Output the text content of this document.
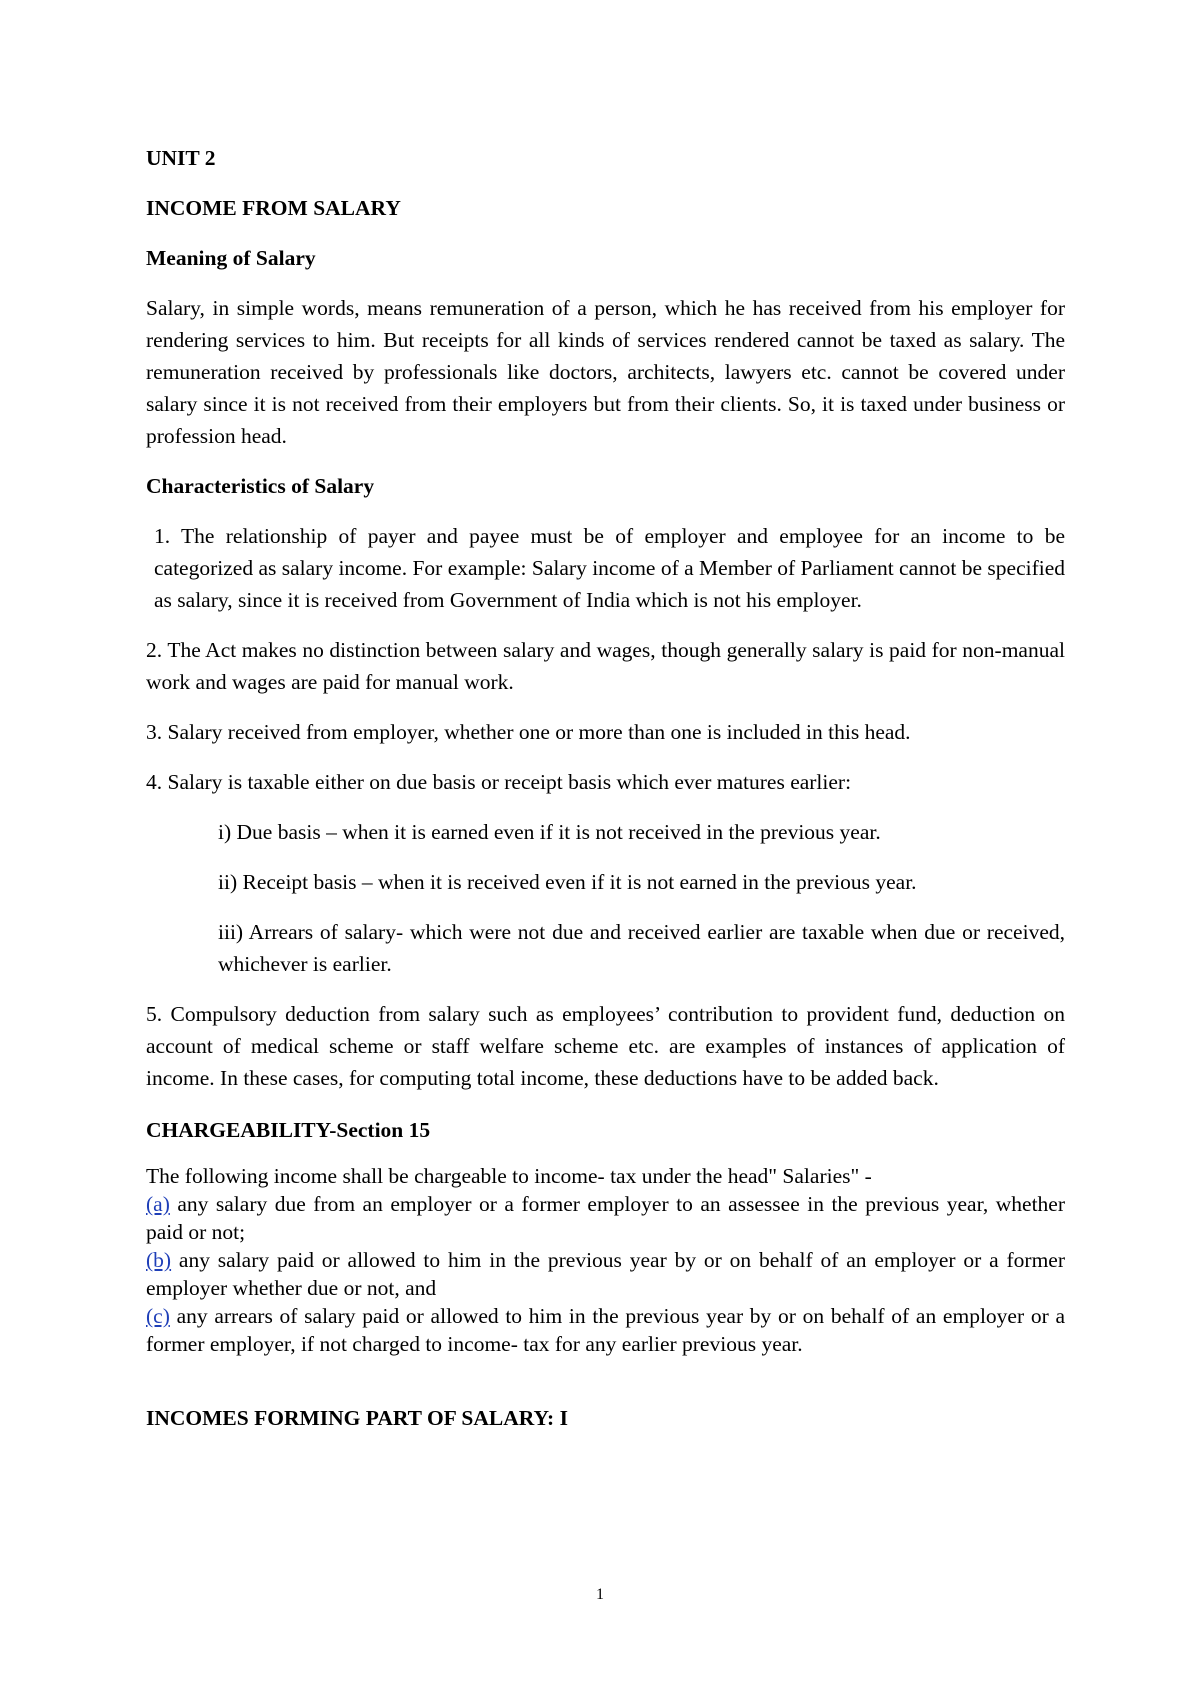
UNIT 2

INCOME FROM SALARY

Meaning of Salary

Salary, in simple words, means remuneration of a person, which he has received from his employer for rendering services to him. But receipts for all kinds of services rendered cannot be taxed as salary. The remuneration received by professionals like doctors, architects, lawyers etc. cannot be covered under salary since it is not received from their employers but from their clients. So, it is taxed under business or profession head.

Characteristics of Salary

1. The relationship of payer and payee must be of employer and employee for an income to be categorized as salary income. For example: Salary income of a Member of Parliament cannot be specified as salary, since it is received from Government of India which is not his employer.

2. The Act makes no distinction between salary and wages, though generally salary is paid for non-manual work and wages are paid for manual work.

3. Salary received from employer, whether one or more than one is included in this head.

4. Salary is taxable either on due basis or receipt basis which ever matures earlier:

i) Due basis – when it is earned even if it is not received in the previous year.

ii) Receipt basis – when it is received even if it is not earned in the previous year.

iii) Arrears of salary- which were not due and received earlier are taxable when due or received, whichever is earlier.

5. Compulsory deduction from salary such as employees’ contribution to provident fund, deduction on account of medical scheme or staff welfare scheme etc. are examples of instances of application of income. In these cases, for computing total income, these deductions have to be added back.

CHARGEABILITY-Section 15

The following income shall be chargeable to income- tax under the head" Salaries" -

(a) any salary due from an employer or a former employer to an assessee in the previous year, whether paid or not;

(b) any salary paid or allowed to him in the previous year by or on behalf of an employer or a former employer whether due or not, and

(c) any arrears of salary paid or allowed to him in the previous year by or on behalf of an employer or a former employer, if not charged to income- tax for any earlier previous year.

INCOMES FORMING PART OF SALARY: I

1
